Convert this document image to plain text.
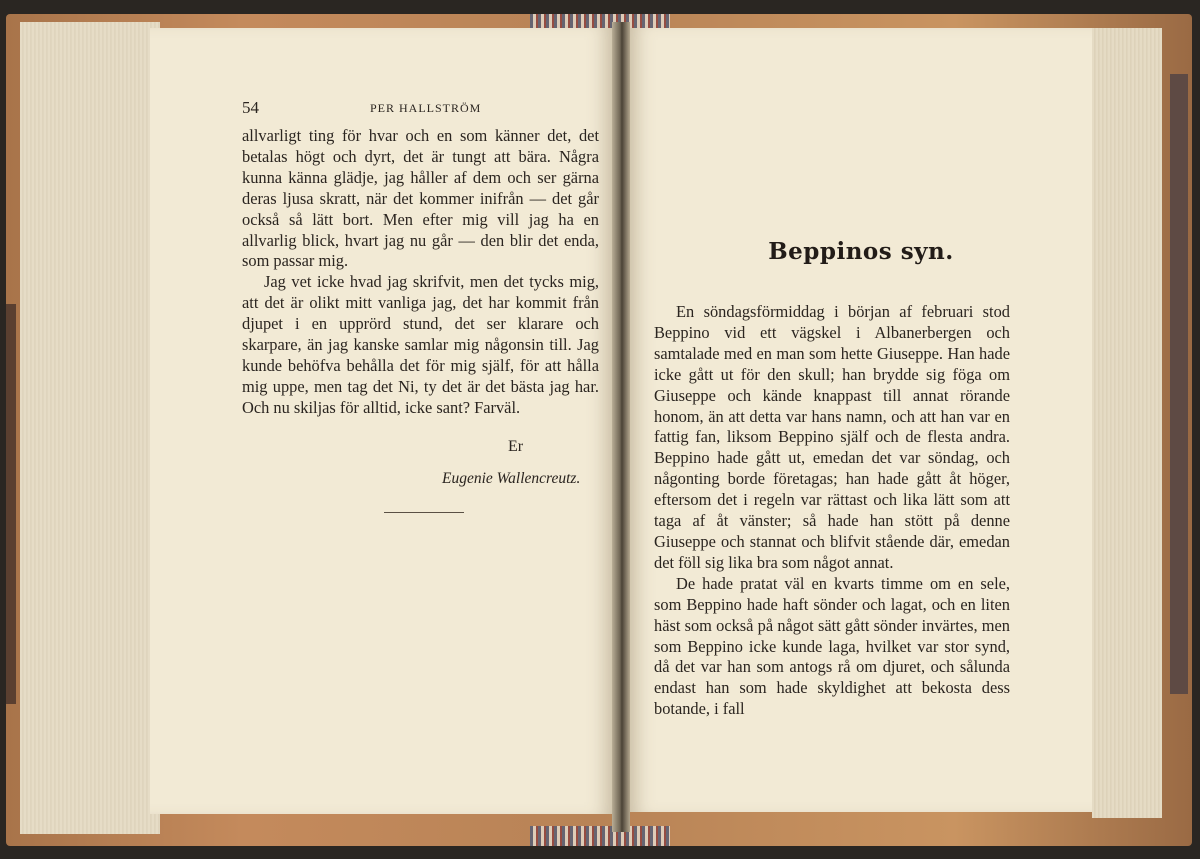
54	PER HALLSTRÖM

allvarligt ting för hvar och en som känner det, det betalas högt och dyrt, det är tungt att bära. Några kunna känna glädje, jag håller af dem och ser gärna deras ljusa skratt, när det kommer inifrån — det går också så lätt bort. Men efter mig vill jag ha en allvarlig blick, hvart jag nu går — den blir det enda, som passar mig.

Jag vet icke hvad jag skrifvit, men det tycks mig, att det är olikt mitt vanliga jag, det har kommit från djupet i en upprörd stund, det ser klarare och skarpare, än jag kanske samlar mig någonsin till. Jag kunde behöfva behålla det för mig själf, för att hålla mig uppe, men tag det Ni, ty det är det bästa jag har. Och nu skiljas för alltid, icke sant? Farväl.

Er
Eugenie Wallencreutz.
Beppinos syn.

En söndagsförmiddag i början af februari stod Beppino vid ett vägskel i Albanerbergen och samtalade med en man som hette Giuseppe. Han hade icke gått ut för den skull; han brydde sig föga om Giuseppe och kände knappast till annat rörande honom, än att detta var hans namn, och att han var en fattig fan, liksom Beppino själf och de flesta andra. Beppino hade gått ut, emedan det var söndag, och någonting borde företagas; han hade gått åt höger, eftersom det i regeln var rättast och lika lätt som att taga af åt vänster; så hade han stött på denne Giuseppe och stannat och blifvit stående där, emedan det föll sig lika bra som något annat.

De hade pratat väl en kvarts timme om en sele, som Beppino hade haft sönder och lagat, och en liten häst som också på något sätt gått sönder invärtes, men som Beppino icke kunde laga, hvilket var stor synd, då det var han som antogs rå om djuret, och sålunda endast han som hade skyldighet att bekosta dess botande, i fall
